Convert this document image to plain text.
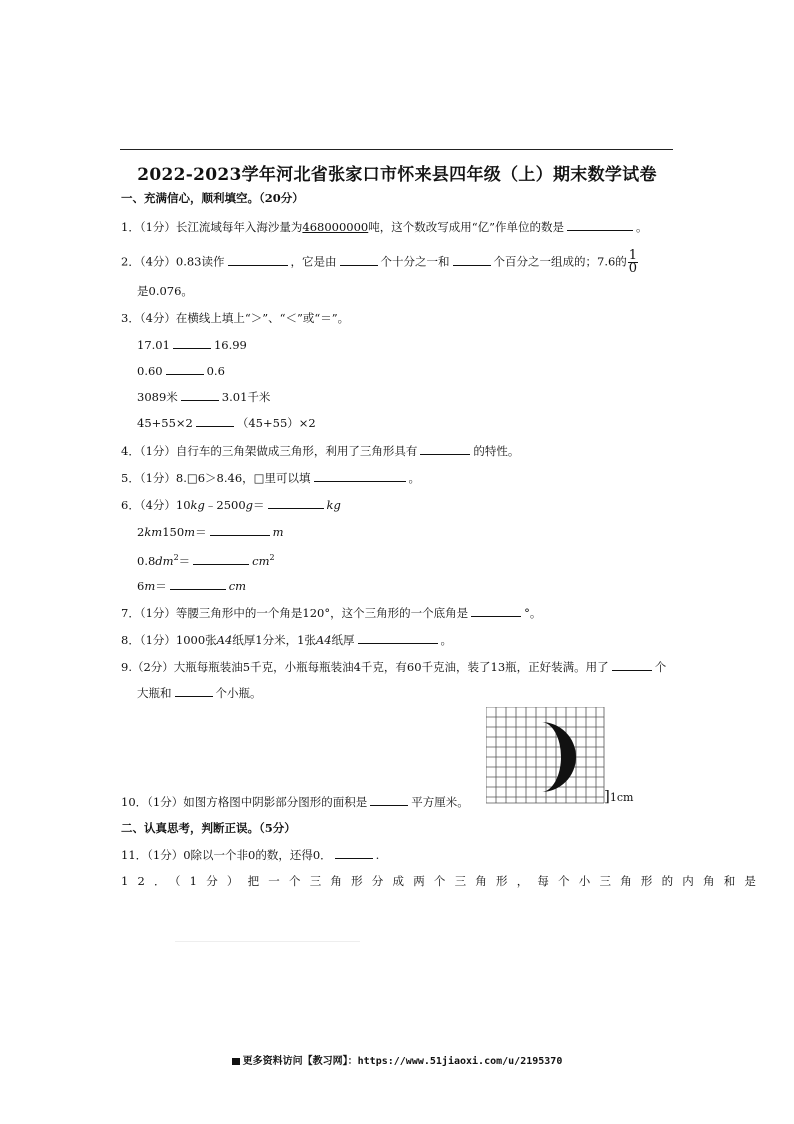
2022-2023学年河北省张家口市怀来县四年级（上）期末数学试卷
一、充满信心，顺利填空。（20分）
1．（1分）长江流域每年入海沙量为468000000吨，这个数改写成用“亿”作单位的数是	。
2．（4分）0.83读作	，它是由	个十分之一和	个百分之一组成的；7.6的 $\frac{1}{0}$
是0.076。
3．（4分）在横线上填上“＞”、“＜”或“＝”。
17.01	16.99
0.60	0.6
3089米	3.01千米
45+55×2	（45+55）×2
4．（1分）自行车的三角架做成三角形，利用了三角形具有	的特性。
5．（1分）8.□6＞8.46，□里可以填	。
6．（4分）10kg﹣2500g＝	kg
2km150m＝	m
$0.8dm^2=$	$cm^2$
6m＝	cm
7．（1分）等腰三角形中的一个角是120°，这个三角形的一个底角是	°。
8．（1分）1000张A4纸厚1分米，1张A4纸厚	。
9.（2分）大瓶每瓶装油5千克，小瓶每瓶装油4千克，有60千克油，装了13瓶，正好装满。用了	个
大瓶和	个小瓶。
]1cm
10．（1分）如图方格图中阴影部分图形的面积是	平方厘米。
二、认真思考，判断正误。（5分）
11．（1分）0除以一个非0的数，还得0．	.
12．（1分）把一个三角形分成两个三角形，每个小三角形的内角和是
更多资料访问【教习网】：https://www.51jiaoxi.com/u/2195370
